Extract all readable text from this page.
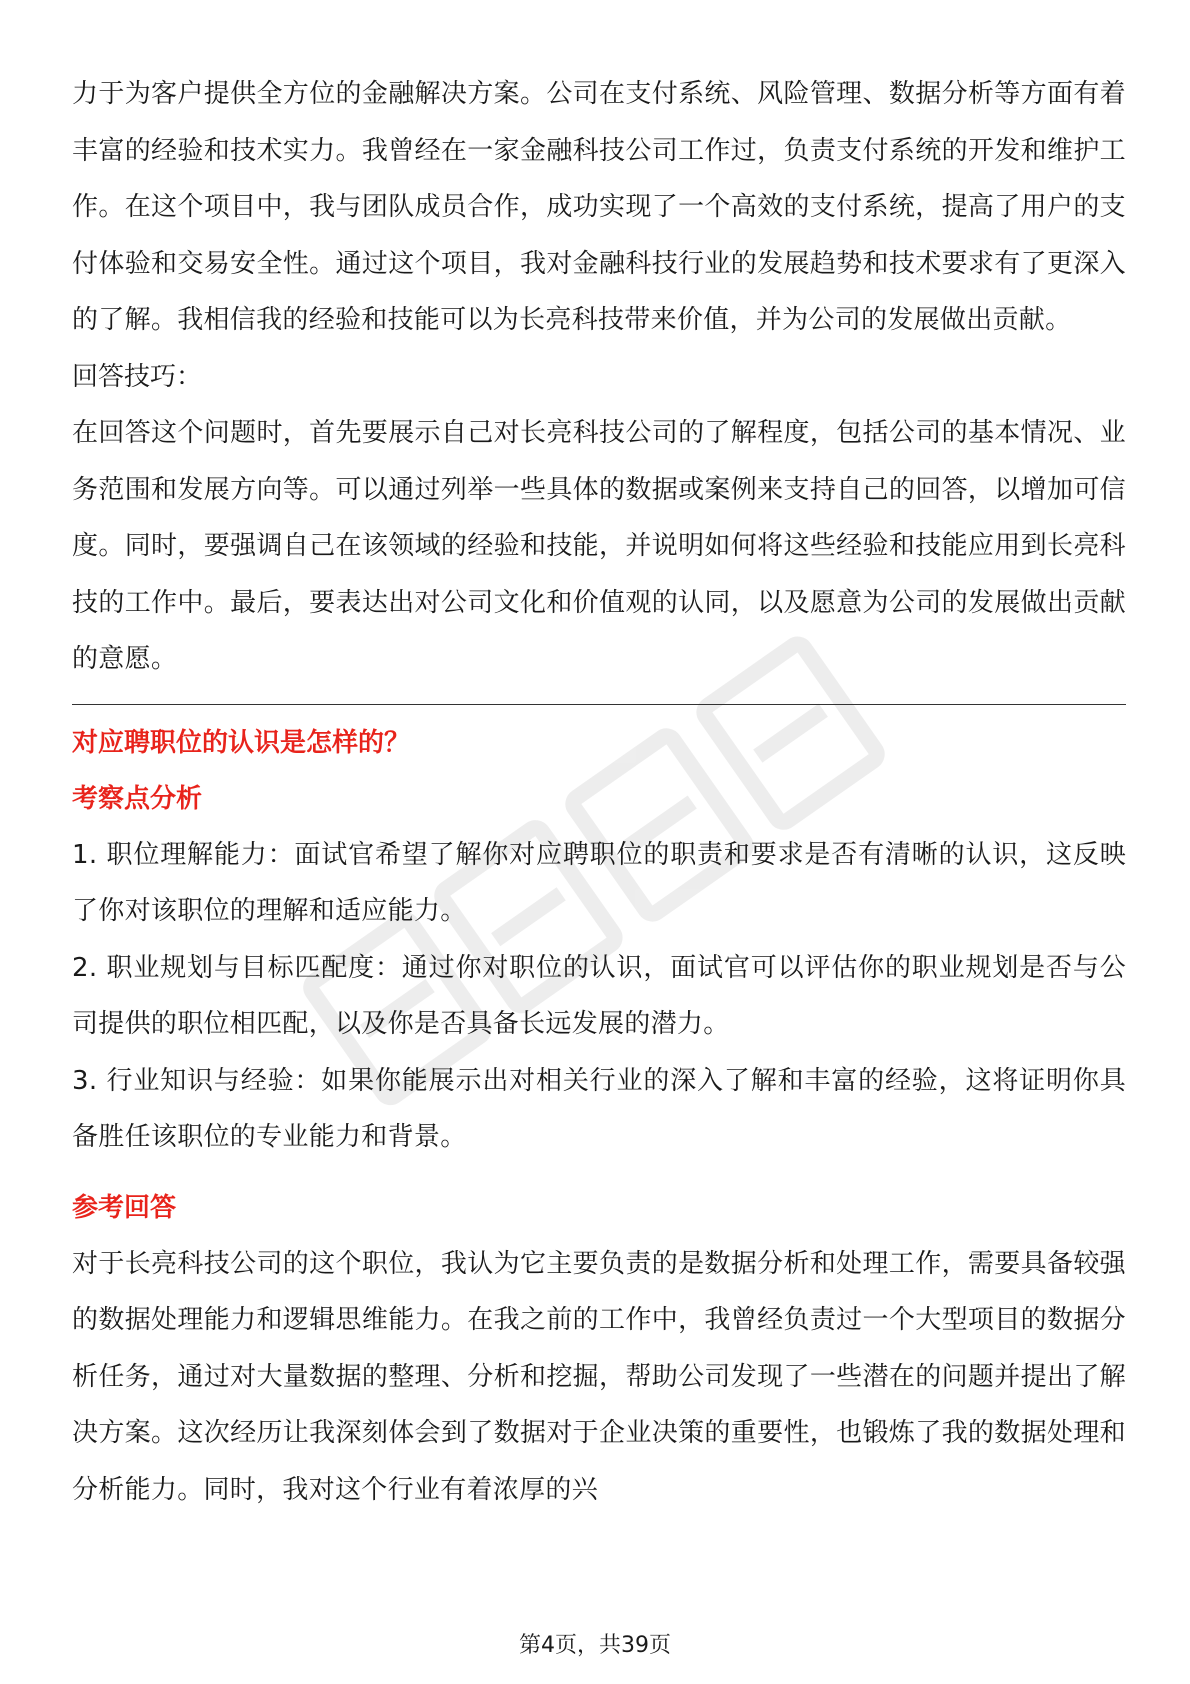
力于为客户提供全方位的金融解决方案。公司在支付系统、风险管理、数据分析等方面有着丰富的经验和技术实力。我曾经在一家金融科技公司工作过，负责支付系统的开发和维护工作。在这个项目中，我与团队成员合作，成功实现了一个高效的支付系统，提高了用户的支付体验和交易安全性。通过这个项目，我对金融科技行业的发展趋势和技术要求有了更深入的了解。我相信我的经验和技能可以为长亮科技带来价值，并为公司的发展做出贡献。

回答技巧：

在回答这个问题时，首先要展示自己对长亮科技公司的了解程度，包括公司的基本情况、业务范围和发展方向等。可以通过列举一些具体的数据或案例来支持自己的回答，以增加可信度。同时，要强调自己在该领域的经验和技能，并说明如何将这些经验和技能应用到长亮科技的工作中。最后，要表达出对公司文化和价值观的认同，以及愿意为公司的发展做出贡献的意愿。

对应聘职位的认识是怎样的？

考察点分析

1. 职位理解能力：面试官希望了解你对应聘职位的职责和要求是否有清晰的认识，这反映了你对该职位的理解和适应能力。

2. 职业规划与目标匹配度：通过你对职位的认识，面试官可以评估你的职业规划是否与公司提供的职位相匹配，以及你是否具备长远发展的潜力。

3. 行业知识与经验：如果你能展示出对相关行业的深入了解和丰富的经验，这将证明你具备胜任该职位的专业能力和背景。

参考回答

对于长亮科技公司的这个职位，我认为它主要负责的是数据分析和处理工作，需要具备较强的数据处理能力和逻辑思维能力。在我之前的工作中，我曾经负责过一个大型项目的数据分析任务，通过对大量数据的整理、分析和挖掘，帮助公司发现了一些潜在的问题并提出了解决方案。这次经历让我深刻体会到了数据对于企业决策的重要性，也锻炼了我的数据处理和分析能力。同时，我对这个行业有着浓厚的兴

第4页，共39页
